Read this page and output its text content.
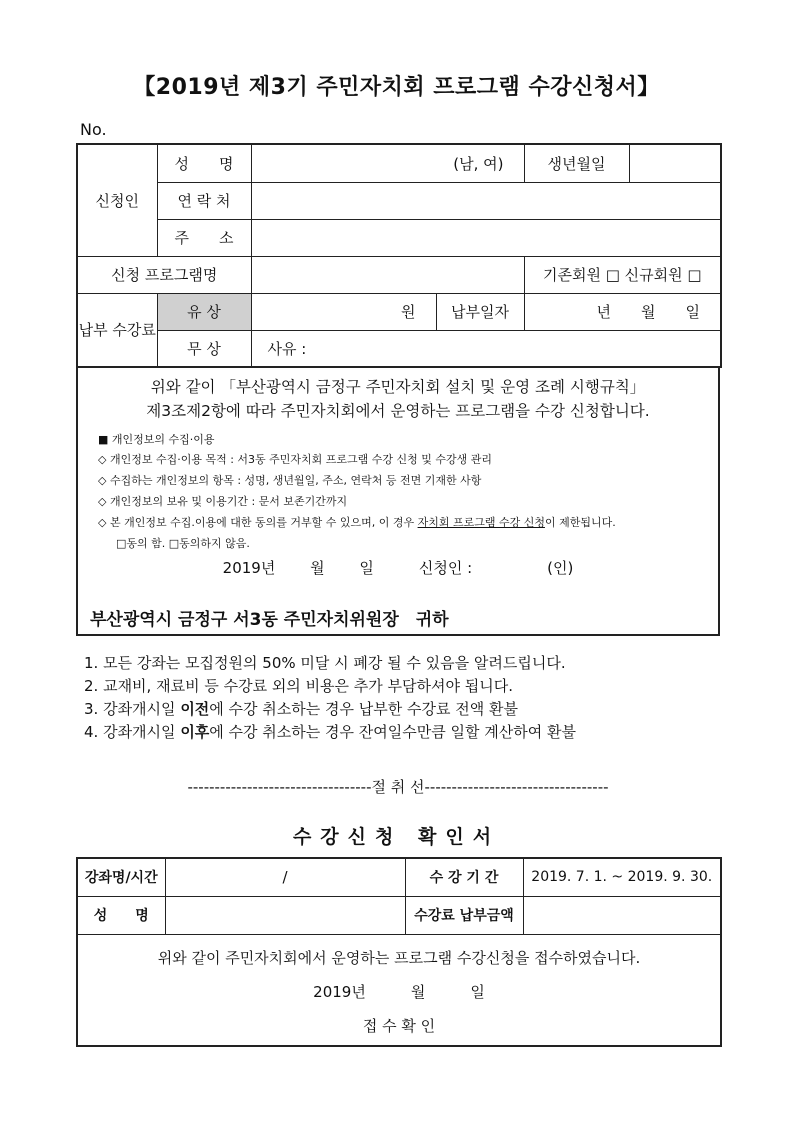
【2019년 제3기 주민자치회 프로그램 수강신청서】
No.
신청인	성　　명	(남, 여)		생년월일	
	연 락 처				
	주　　소				
신청 프로그램명				기존회원 □ 신규회원 □	
납부 수강료	유 상	원	납부일자	년　　월　　일	
	무 상	사유 :			
위와 같이 「부산광역시 금정구 주민자치회 설치 및 운영 조례 시행규칙」
제3조제2항에 따라 주민자치회에서 운영하는 프로그램을 수강 신청합니다.
■ 개인정보의 수집·이용
◇ 개인정보 수집·이용 목적 : 서3동 주민자치회 프로그램 수강 신청 및 수강생 관리
◇ 수집하는 개인정보의 항목 : 성명, 생년월일, 주소, 연락처 등 전면 기재한 사항
◇ 개인정보의 보유 및 이용기간 : 문서 보존기간까지
◇ 본 개인정보 수집.이용에 대한 동의를 거부할 수 있으며, 이 경우 자치회 프로그램 수강 신청이 제한됩니다.
□동의 함. □동의하지 않음.
2019년　　 월　　 일　　　신청인 :　　　　　(인)
부산광역시 금정구 서3동 주민자치위원장　귀하
1. 모든 강좌는 모집정원의 50% 미달 시 폐강 될 수 있음을 알려드립니다.
2. 교재비, 재료비 등 수강료 외의 비용은 추가 부담하셔야 됩니다.
3. 강좌개시일 이전에 수강 취소하는 경우 납부한 수강료 전액 환불
4. 강좌개시일 이후에 수강 취소하는 경우 잔여일수만큼 일할 계산하여 환불
----------------------------------절 취 선----------------------------------
수강신청 확인서
강좌명/시간	/	수 강 기 간	2019. 7. 1. ~ 2019. 9. 30.
성　　명		수강료 납부금액	

위와 같이 주민자치회에서 운영하는 프로그램 수강신청을 접수하였습니다.
2019년　　　월　　　일
접 수 확 인			
